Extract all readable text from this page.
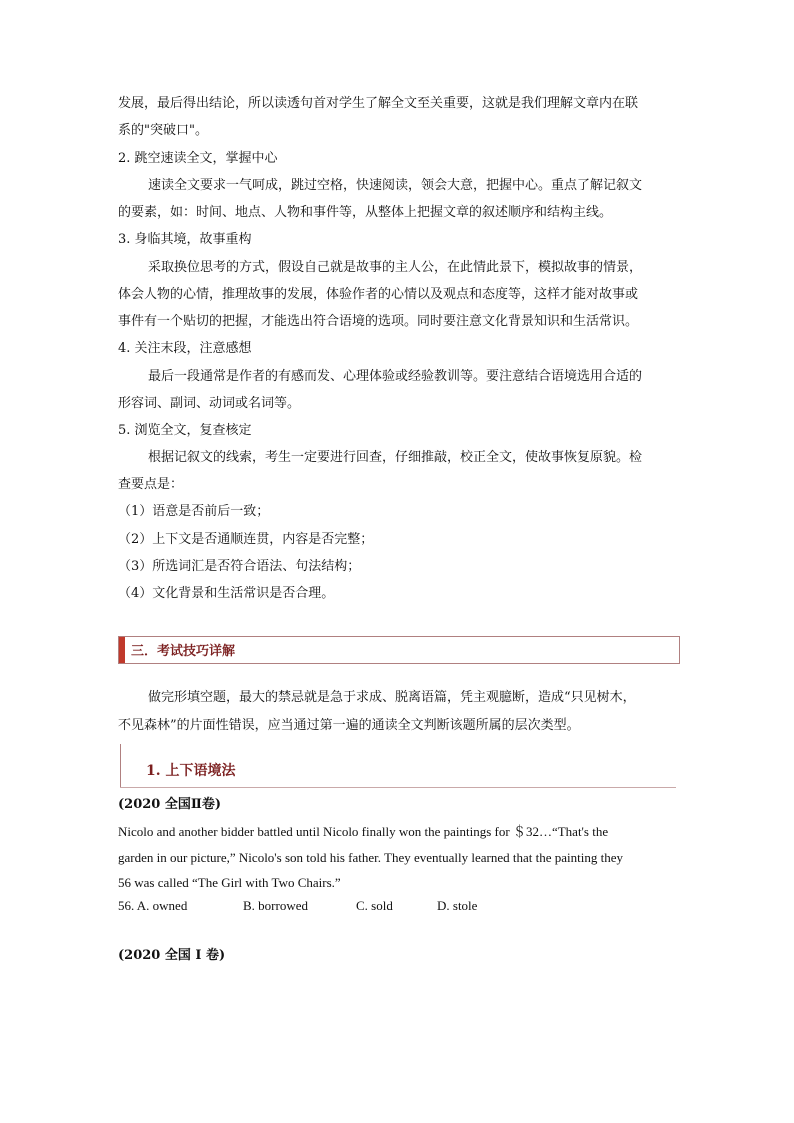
发展，最后得出结论，所以读透句首对学生了解全文至关重要，这就是我们理解文章内在联
系的"突破口"。
2. 跳空速读全文，掌握中心
速读全文要求一气呵成，跳过空格，快速阅读，领会大意，把握中心。重点了解记叙文
的要素，如：时间、地点、人物和事件等，从整体上把握文章的叙述顺序和结构主线。
3. 身临其境，故事重构
采取换位思考的方式，假设自己就是故事的主人公，在此情此景下，模拟故事的情景，
体会人物的心情，推理故事的发展，体验作者的心情以及观点和态度等，这样才能对故事或
事件有一个贴切的把握，才能选出符合语境的选项。同时要注意文化背景知识和生活常识。
4. 关注末段，注意感想
最后一段通常是作者的有感而发、心理体验或经验教训等。要注意结合语境选用合适的
形容词、副词、动词或名词等。
5. 浏览全文，复查核定
根据记叙文的线索，考生一定要进行回查，仔细推敲，校正全文，使故事恢复原貌。检
查要点是：
（1）语意是否前后一致；
（2）上下文是否通顺连贯，内容是否完整；
（3）所选词汇是否符合语法、句法结构；
（4）文化背景和生活常识是否合理。
三．考试技巧详解
做完形填空题，最大的禁忌就是急于求成、脱离语篇，凭主观臆断，造成“只见树木，
不见森林”的片面性错误，应当通过第一遍的通读全文判断该题所属的层次类型。
1. 上下语境法
(2020 全国Ⅱ卷)
Nicolo and another bidder battled until Nicolo finally won the paintings for ＄32…“That's the
garden in our picture,” Nicolo's son told his father. They eventually learned that the painting they
56 was called “The Girl with Two Chairs.”
56. A. owned	B. borrowed	C. sold	D. stole
(2020 全国 I 卷)
